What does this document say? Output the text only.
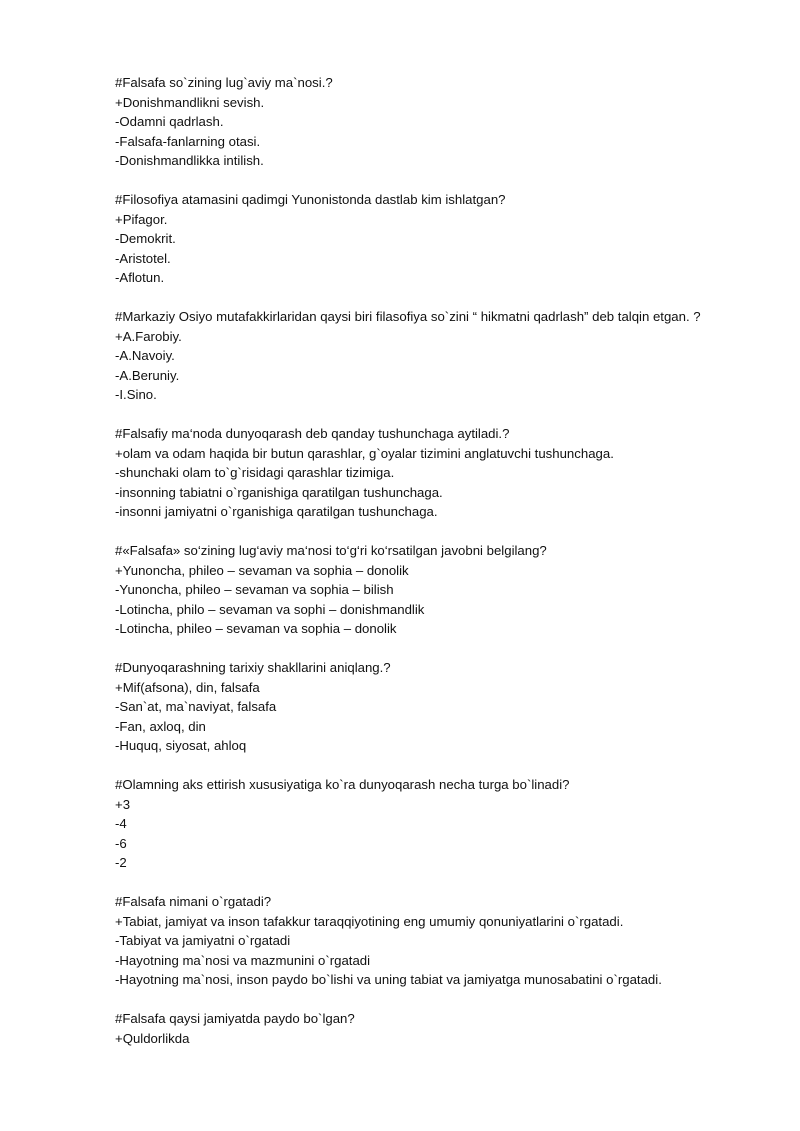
#Falsafa so`zining lug`aviy ma`nosi.?
+Donishmandlikni sevish.
-Odamni qadrlash.
-Falsafa-fanlarning otasi.
-Donishmandlikka intilish.
#Filosofiya atamasini qadimgi Yunonistonda dastlab kim ishlatgan?
+Pifagor.
-Demokrit.
-Aristotel.
-Aflotun.
#Markaziy Osiyo mutafakkirlaridan qaysi biri filasofiya so`zini “ hikmatni qadrlash” deb talqin etgan. ?
+A.Farobiy.
-A.Navoiy.
-A.Beruniy.
-I.Sino.
#Falsafiy ma‘noda dunyoqarash deb qanday tushunchaga aytiladi.?
+olam va odam haqida bir butun qarashlar, g`oyalar tizimini anglatuvchi tushunchaga.
-shunchaki olam to`g`risidagi qarashlar tizimiga.
-insonning tabiatni o`rganishiga qaratilgan tushunchaga.
-insonni jamiyatni o`rganishiga qaratilgan tushunchaga.
#«Falsafa» so‘zining lug‘aviy ma‘nosi to‘g‘ri ko‘rsatilgan javobni belgilang?
+Yunoncha, phileo – sevaman va sophia – donolik
-Yunoncha, phileo – sevaman va sophia – bilish
-Lotincha, philo – sevaman va sophi – donishmandlik
-Lotincha, phileo – sevaman va sophia – donolik
#Dunyoqarashning tarixiy shakllarini aniqlang.?
+Mif(afsona), din, falsafa
-San`at, ma`naviyat, falsafa
-Fan, axloq, din
-Huquq, siyosat, ahloq
#Olamning aks ettirish xususiyatiga ko`ra dunyoqarash necha turga bo`linadi?
+3
-4
-6
-2
#Falsafa nimani o`rgatadi?
+Tabiat, jamiyat va inson tafakkur taraqqiyotining eng umumiy qonuniyatlarini o`rgatadi.
-Tabiyat va jamiyatni o`rgatadi
-Hayotning ma`nosi va mazmunini o`rgatadi
-Hayotning ma`nosi, inson paydo bo`lishi va uning tabiat va jamiyatga munosabatini o`rgatadi.
#Falsafa qaysi jamiyatda paydo bo`lgan?
+Quldorlikda
